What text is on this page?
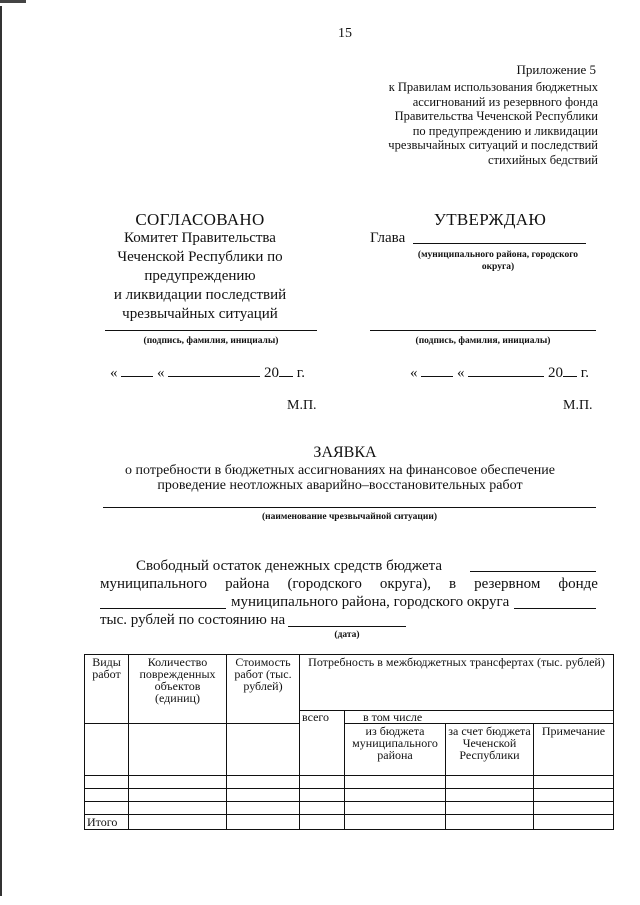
15
Приложение 5
к Правилам использования бюджетных
ассигнований из резервного фонда
Правительства Чеченской Республики
по предупреждению и ликвидации
чрезвычайных ситуаций и последствий
стихийных бедствий
СОГЛАСОВАНО
Комитет Правительства
Чеченской Республики по
предупреждению
и ликвидации последствий
чрезвычайных ситуаций
(подпись, фамилия, инициалы)
«	«	20 г.
М.П.
УТВЕРЖДАЮ
Глава
(муниципального района, городского округа)
(подпись, фамилия, инициалы)
«	«	20 г.
М.П.
ЗАЯВКА
о потребности в бюджетных ассигнованиях на финансовое обеспечение
проведение неотложных аварийно–восстановительных работ
(наименование чрезвычайной ситуации)
Свободный остаток денежных средств бюджета
муниципального района (городского округа), в резервном фонде
муниципального района, городского округа
тыс. рублей по состоянию на
(дата)
Виды работ	Количество поврежденных объектов (единиц)	Стоимость работ (тыс. рублей)	Потребность в межбюджетных трансфертах (тыс. рублей)			
			всего	в том числе		
				из бюджета муниципального района	за счет бюджета Чеченской Республики	Примечание

Итого						
